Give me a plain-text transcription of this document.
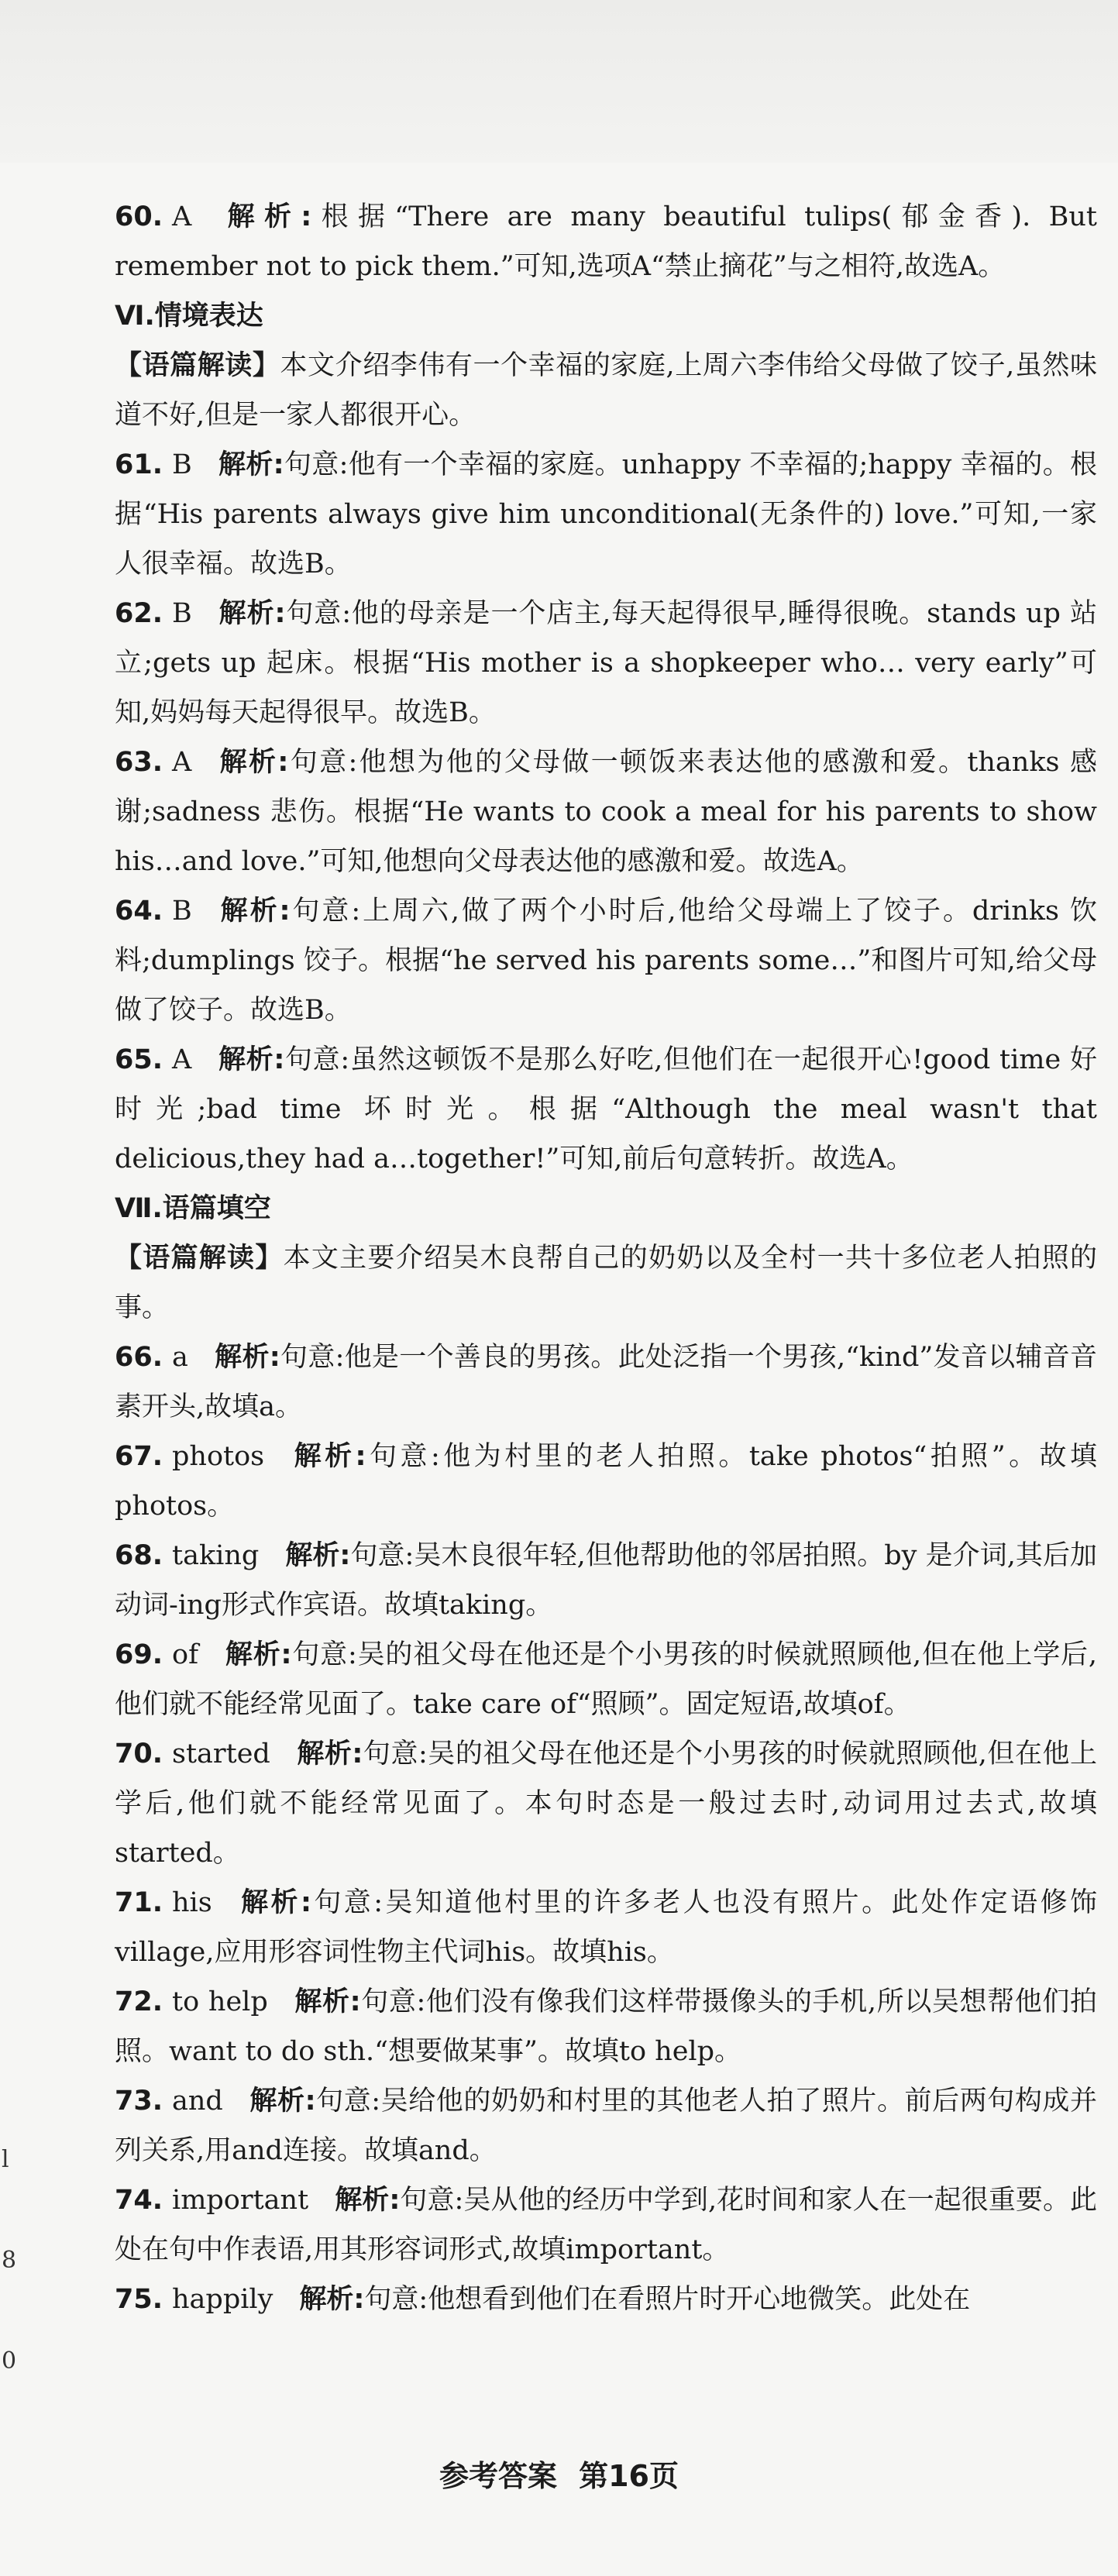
60. A 解析:根据“There are many beautiful tulips(郁金香). But remember not to pick them.”可知,选项A“禁止摘花”与之相符,故选A。

Ⅵ.情境表达

【语篇解读】本文介绍李伟有一个幸福的家庭,上周六李伟给父母做了饺子,虽然味道不好,但是一家人都很开心。

61. B 解析:句意:他有一个幸福的家庭。unhappy 不幸福的;happy 幸福的。根据“His parents always give him unconditional(无条件的) love.”可知,一家人很幸福。故选B。

62. B 解析:句意:他的母亲是一个店主,每天起得很早,睡得很晚。stands up 站立;gets up 起床。根据“His mother is a shopkeeper who… very early”可知,妈妈每天起得很早。故选B。

63. A 解析:句意:他想为他的父母做一顿饭来表达他的感激和爱。thanks 感谢;sadness 悲伤。根据“He wants to cook a meal for his parents to show his…and love.”可知,他想向父母表达他的感激和爱。故选A。

64. B 解析:句意:上周六,做了两个小时后,他给父母端上了饺子。drinks 饮料;dumplings 饺子。根据“he served his parents some…”和图片可知,给父母做了饺子。故选B。

65. A 解析:句意:虽然这顿饭不是那么好吃,但他们在一起很开心!good time 好时光;bad time 坏时光。根据“Although the meal wasn't that delicious,they had a…together!”可知,前后句意转折。故选A。

Ⅶ.语篇填空

【语篇解读】本文主要介绍吴木良帮自己的奶奶以及全村一共十多位老人拍照的事。

66. a 解析:句意:他是一个善良的男孩。此处泛指一个男孩,“kind”发音以辅音音素开头,故填a。

67. photos 解析:句意:他为村里的老人拍照。take photos“拍照”。故填photos。

68. taking 解析:句意:吴木良很年轻,但他帮助他的邻居拍照。by 是介词,其后加动词-ing形式作宾语。故填taking。

69. of 解析:句意:吴的祖父母在他还是个小男孩的时候就照顾他,但在他上学后,他们就不能经常见面了。take care of“照顾”。固定短语,故填of。

70. started 解析:句意:吴的祖父母在他还是个小男孩的时候就照顾他,但在他上学后,他们就不能经常见面了。本句时态是一般过去时,动词用过去式,故填started。

71. his 解析:句意:吴知道他村里的许多老人也没有照片。此处作定语修饰village,应用形容词性物主代词his。故填his。

72. to help 解析:句意:他们没有像我们这样带摄像头的手机,所以吴想帮他们拍照。want to do sth.“想要做某事”。故填to help。

73. and 解析:句意:吴给他的奶奶和村里的其他老人拍了照片。前后两句构成并列关系,用and连接。故填and。

74. important 解析:句意:吴从他的经历中学到,花时间和家人在一起很重要。此处在句中作表语,用其形容词形式,故填important。

75. happily 解析:句意:他想看到他们在看照片时开心地微笑。此处在

l
8
0
参考答案 第16页
